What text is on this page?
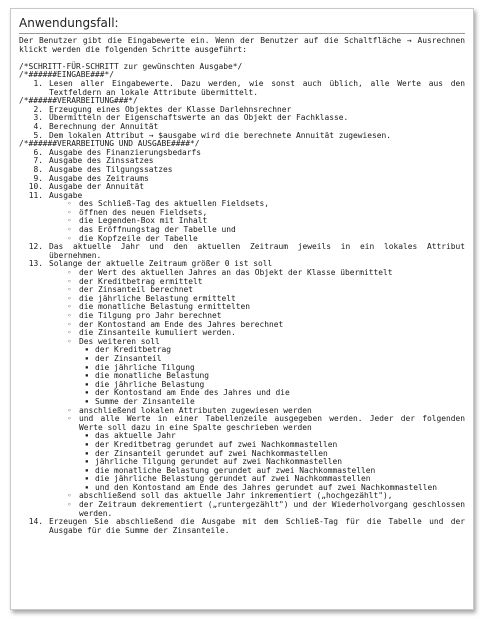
Anwendungsfall:

Der Benutzer gibt die Eingabewerte ein. Wenn der Benutzer auf die Schaltfläche → Ausrechnen klickt werden die folgenden Schritte ausgeführt:

/*SCHRITT-FÜR-SCHRITT zur gewünschten Ausgabe*/
/*######EINGABE###*/
1. Lesen aller Eingabewerte. Dazu werden, wie sonst auch üblich, alle Werte aus den Textfeldern an lokale Attribute übermittelt.
/*######VERARBEITUNG###*/
2. Erzeugung eines Objektes der Klasse Darlehnsrechner
3. Übermitteln der Eigenschaftswerte an das Objekt der Fachklasse.
4. Berechnung der Annuität
5. Dem lokalen Attribut → $ausgabe wird die berechnete Annuität zugewiesen.
/*######VERARBEITUNG UND AUSGABE####*/
6. Ausgabe des Finanzierungsbedarfs
7. Ausgabe des Zinssatzes
8. Ausgabe des Tilgungssatzes
9. Ausgabe des Zeitraums
10. Ausgabe der Annuität
11. Ausgabe
◦ des Schließ-Tag des aktuellen Fieldsets,
◦ öffnen des neuen Fieldsets,
◦ die Legenden-Box mit Inhalt
◦ das Eröffnungstag der Tabelle und
◦ die Kopfzeile der Tabelle
12. Das aktuelle Jahr und den aktuellen Zeitraum jeweils in ein lokales Attribut übernehmen.
13. Solange der aktuelle Zeitraum größer 0 ist soll
◦ der Wert des aktuellen Jahres an das Objekt der Klasse übermittelt
◦ der Kreditbetrag ermittelt
◦ der Zinsanteil berechnet
◦ die jährliche Belastung ermittelt
◦ die monatliche Belastung ermittelten
◦ die Tilgung pro Jahr berechnet
◦ der Kontostand am Ende des Jahres berechnet
◦ die Zinsanteile kumuliert werden.
◦ Des weiteren soll
▪ der Kreditbetrag
▪ der Zinsanteil
▪ die jährliche Tilgung
▪ die monatliche Belastung
▪ die jährliche Belastung
▪ der Kontostand am Ende des Jahres und die
▪ Summe der Zinsanteile
◦ anschließend lokalen Attributen zugewiesen werden
◦ und alle Werte in einer Tabellenzeile ausgegeben werden. Jeder der folgenden Werte soll dazu in eine Spalte geschrieben werden
▪ das aktuelle Jahr
▪ der Kreditbetrag gerundet auf zwei Nachkommastellen
▪ der Zinsanteil gerundet auf zwei Nachkommastellen
▪ jährliche Tilgung gerundet auf zwei Nachkommastellen
▪ die monatliche Belastung gerundet auf zwei Nachkommastellen
▪ die jährliche Belastung gerundet auf zwei Nachkommastellen
▪ und den Kontostand am Ende des Jahres gerundet auf zwei Nachkommastellen
◦ abschließend soll das aktuelle Jahr inkrementiert („hochgezählt"),
◦ der Zeitraum dekrementiert („runtergezählt") und der Wiederholvorgang geschlossen werden.
14. Erzeugen Sie abschließend die Ausgabe mit dem Schließ-Tag für die Tabelle und der Ausgabe für die Summe der Zinsanteile.
